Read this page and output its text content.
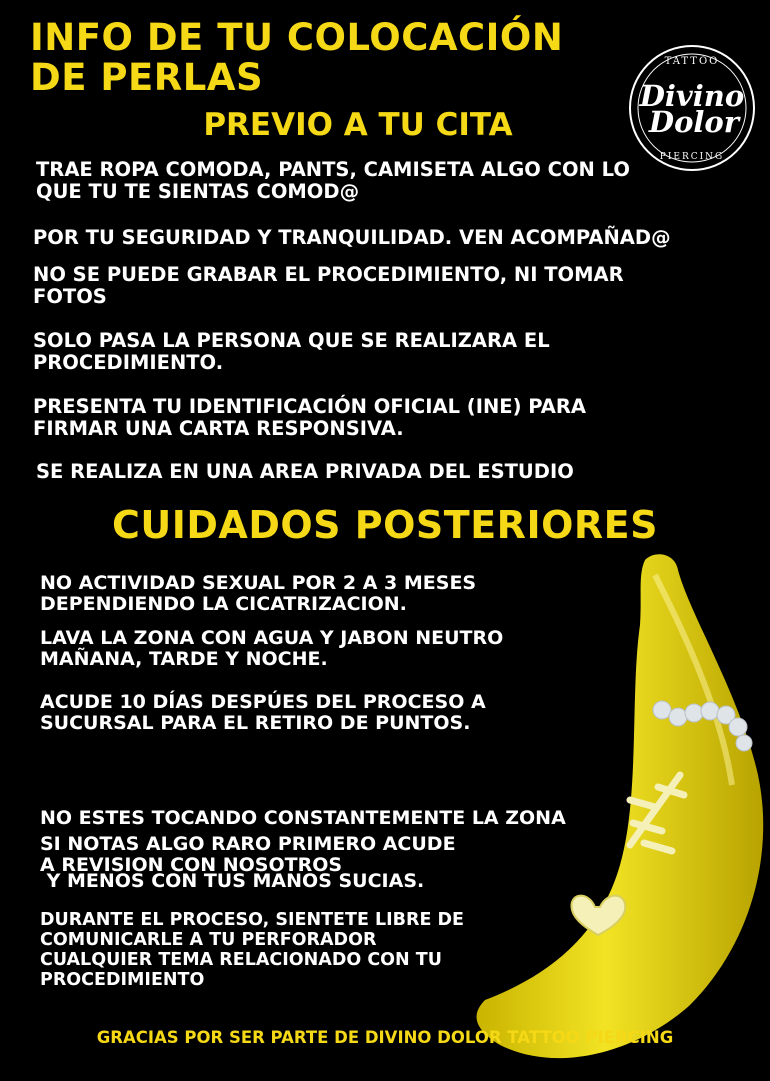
INFO DE TU COLOCACIÓN
DE PERLAS	TATTOO
Divino
Dolor
PIERCING
PREVIO A TU CITA
TRAE ROPA COMODA, PANTS, CAMISETA ALGO CON LO
QUE TU TE SIENTAS COMOD@
POR TU SEGURIDAD Y TRANQUILIDAD. VEN ACOMPAÑAD@
NO SE PUEDE GRABAR EL PROCEDIMIENTO, NI TOMAR
FOTOS
SOLO PASA LA PERSONA QUE SE REALIZARA EL
PROCEDIMIENTO.
PRESENTA TU IDENTIFICACIÓN OFICIAL (INE) PARA
FIRMAR UNA CARTA RESPONSIVA.
SE REALIZA EN UNA AREA PRIVADA DEL ESTUDIO
CUIDADOS POSTERIORES
NO ACTIVIDAD SEXUAL POR 2 A 3 MESES
DEPENDIENDO LA CICATRIZACION.
LAVA LA ZONA CON AGUA Y JABON NEUTRO
MAÑANA, TARDE Y NOCHE.
ACUDE 10 DÍAS DESPÚES DEL PROCESO A
SUCURSAL PARA EL RETIRO DE PUNTOS.

NO ESTES TOCANDO CONSTANTEMENTE LA ZONA

Y MENOS CON TUS MANOS SUCIAS.

SI NOTAS ALGO RARO PRIMERO ACUDE
A REVISION CON NOSOTROS
DURANTE EL PROCESO, SIENTETE LIBRE DE
COMUNICARLE A TU PERFORADOR
CUALQUIER TEMA RELACIONADO CON TU
PROCEDIMIENTO
GRACIAS POR SER PARTE DE DIVINO DOLOR TATTOO PIERCING
